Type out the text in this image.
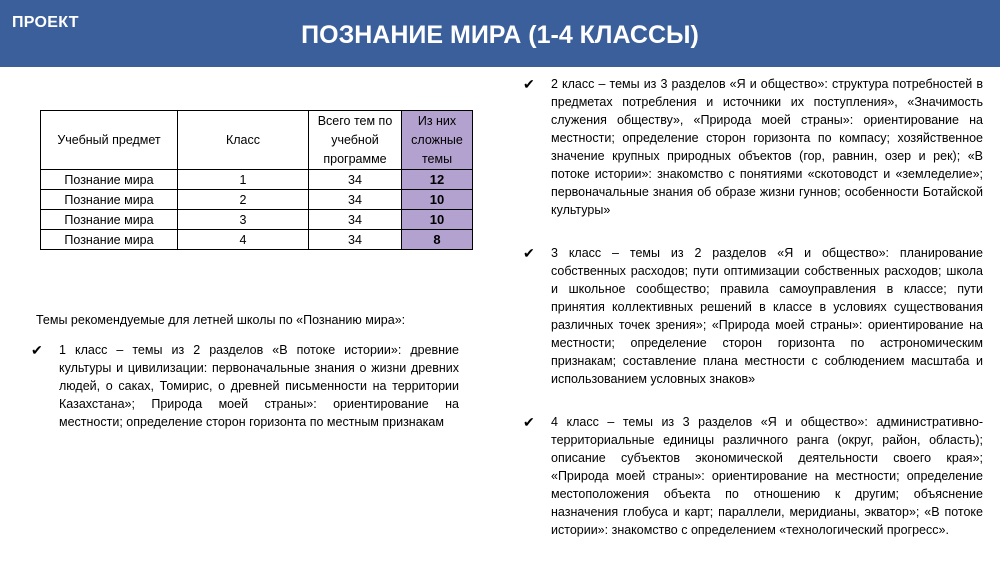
ПРОЕКТ	ПОЗНАНИЕ МИРА (1-4 КЛАССЫ)
Учебный предмет	Класс	Всего тем по учебной программе	Из них сложные темы
Познание мира	1	34	12
Познание мира	2	34	10
Познание мира	3	34	10
Познание мира	4	34	8
Темы рекомендуемые для летней школы по «Познанию мира»:
✔ 1 класс – темы из 2 разделов «В потоке истории»: древние культуры и цивилизации: первоначальные знания о жизни древних людей, о саках, Томирис, о древней письменности на территории Казахстана»; Природа моей страны»: ориентирование на местности; определение сторон горизонта по местным признакам
✔ 2 класс – темы из 3 разделов «Я и общество»: структура потребностей в предметах потребления и источники их поступления», «Значимость служения обществу», «Природа моей страны»: ориентирование на местности; определение сторон горизонта по компасу; хозяйственное значение крупных природных объектов (гор, равнин, озер и рек); «В потоке истории»: знакомство с понятиями «скотоводст и «земледелие»; первоначальные знания об образе жизни гуннов; особенности Ботайской культуры»
✔ 3 класс – темы из 2 разделов «Я и общество»: планирование собственных расходов; пути оптимизации собственных расходов; школа и школьное сообщество; правила самоуправления в классе; пути принятия коллективных решений в классе в условиях существования различных точек зрения»; «Природа моей страны»: ориентирование на местности; определение сторон горизонта по астрономическим признакам; составление плана местности с соблюдением масштаба и использованием условных знаков»
✔ 4 класс – темы из 3 разделов «Я и общество»: административно-территориальные единицы различного ранга (округ, район, область); описание субъектов экономической деятельности своего края»; «Природа моей страны»: ориентирование на местности; определение местоположения объекта по отношению к другим; объяснение назначения глобуса и карт; параллели, меридианы, экватор»; «В потоке истории»: знакомство с определением «технологический прогресс».
